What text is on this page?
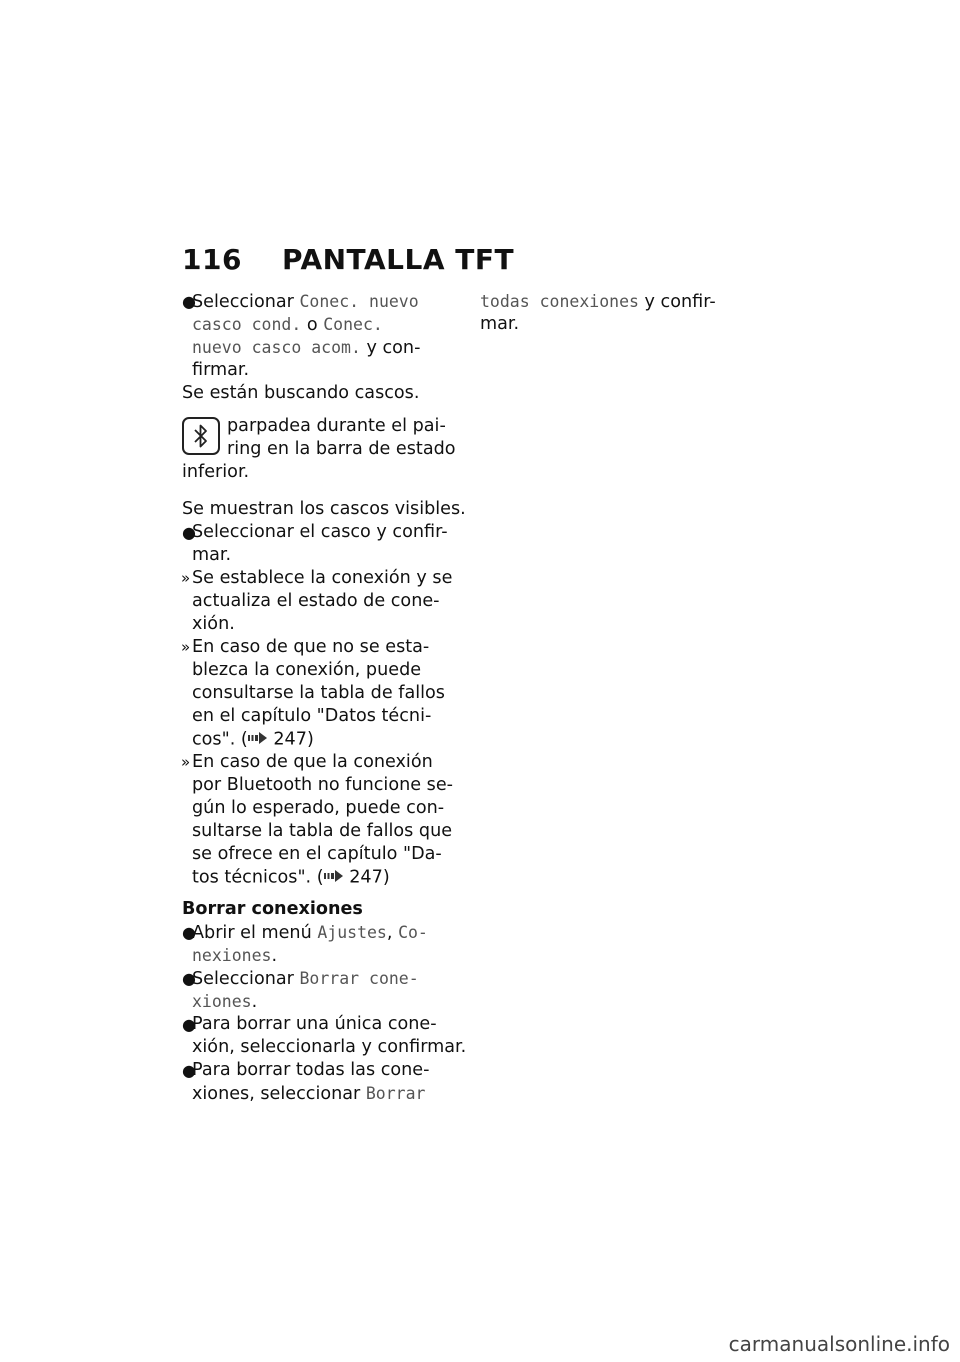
116 PANTALLA TFT
●
Seleccionar Conec. nuevo
casco cond. o Conec.
nuevo casco acom. y con-
firmar.
Se están buscando cascos.
parpadea durante el pai-
ring en la barra de estado
inferior.
Se muestran los cascos visibles.
●
Seleccionar el casco y confir-
mar.
» Se establece la conexión y se
actualiza el estado de cone-
xión.
» En caso de que no se esta-
blezca la conexión, puede
consultarse la tabla de fallos
en el capítulo "Datos técni-
cos". ( 247)
» En caso de que la conexión
por Bluetooth no funcione se-
gún lo esperado, puede con-
sultarse la tabla de fallos que
se ofrece en el capítulo "Da-
tos técnicos". ( 247)
Borrar conexiones
●
Abrir el menú Ajustes, Co-
nexiones.
●
Seleccionar Borrar cone-
xiones.
●
Para borrar una única cone-
xión, seleccionarla y confirmar.
●
Para borrar todas las cone-
xiones, seleccionar Borrar
todas conexiones y confir-
mar.
carmanualsonline.info
